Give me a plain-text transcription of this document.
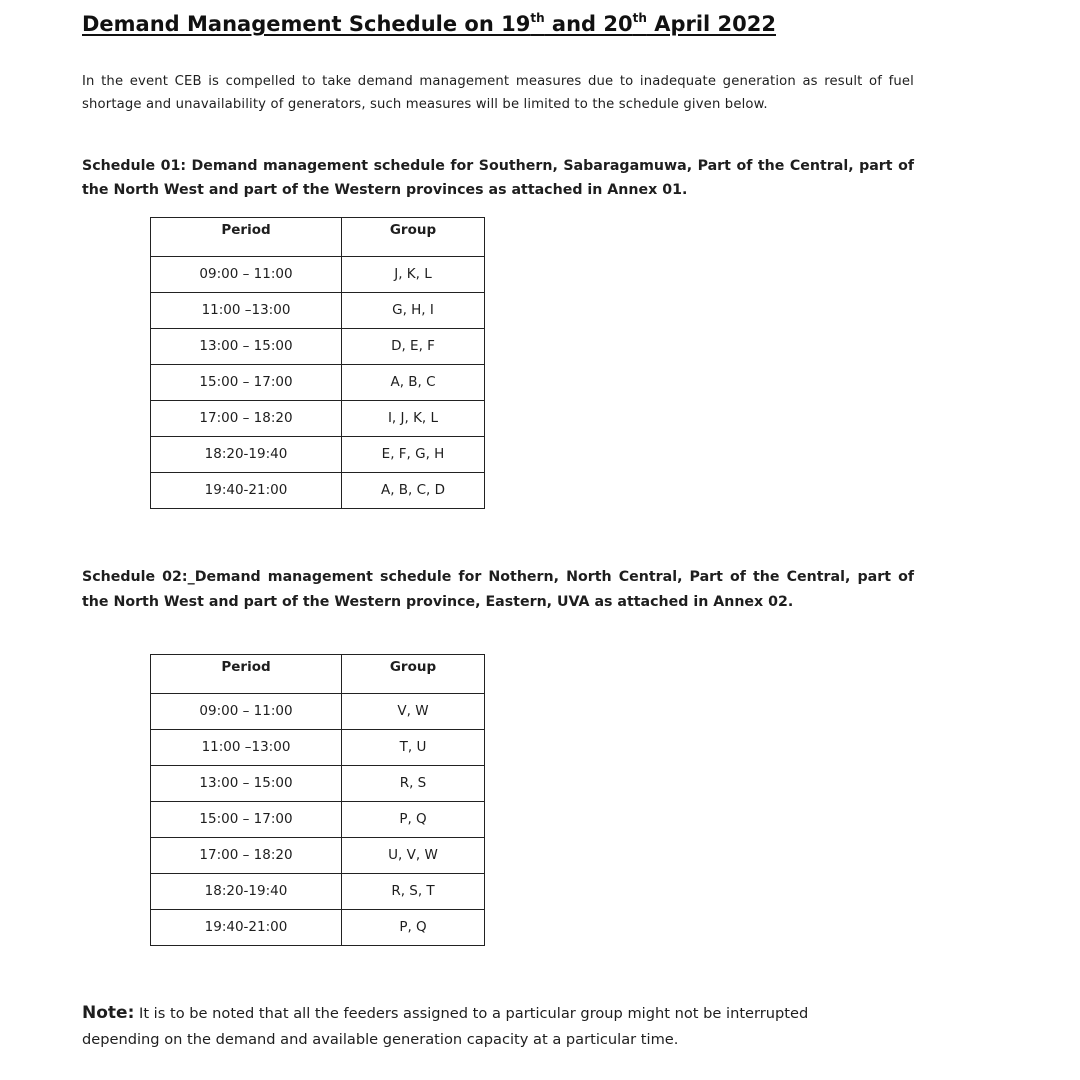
Demand Management Schedule on 19th and 20th April 2022

In the event CEB is compelled to take demand management measures due to inadequate generation as result of fuel shortage and unavailability of generators, such measures will be limited to the schedule given below.

Schedule 01: Demand management schedule for Southern, Sabaragamuwa, Part of the Central, part of the North West and part of the Western provinces as attached in Annex 01.

Period	Group
09:00 – 11:00	J, K, L
11:00 –13:00	G, H, I
13:00 – 15:00	D, E, F
15:00 – 17:00	A, B, C
17:00 – 18:20	I, J, K, L
18:20-19:40	E, F, G, H
19:40-21:00	A, B, C, D

Schedule 02:_Demand management schedule for Nothern, North Central, Part of the Central, part of the North West and part of the Western province, Eastern, UVA as attached in Annex 02.

Period	Group
09:00 – 11:00	V, W
11:00 –13:00	T, U
13:00 – 15:00	R, S
15:00 – 17:00	P, Q
17:00 – 18:20	U, V, W
18:20-19:40	R, S, T
19:40-21:00	P, Q

Note: It is to be noted that all the feeders assigned to a particular group might not be interrupted depending on the demand and available generation capacity at a particular time.
